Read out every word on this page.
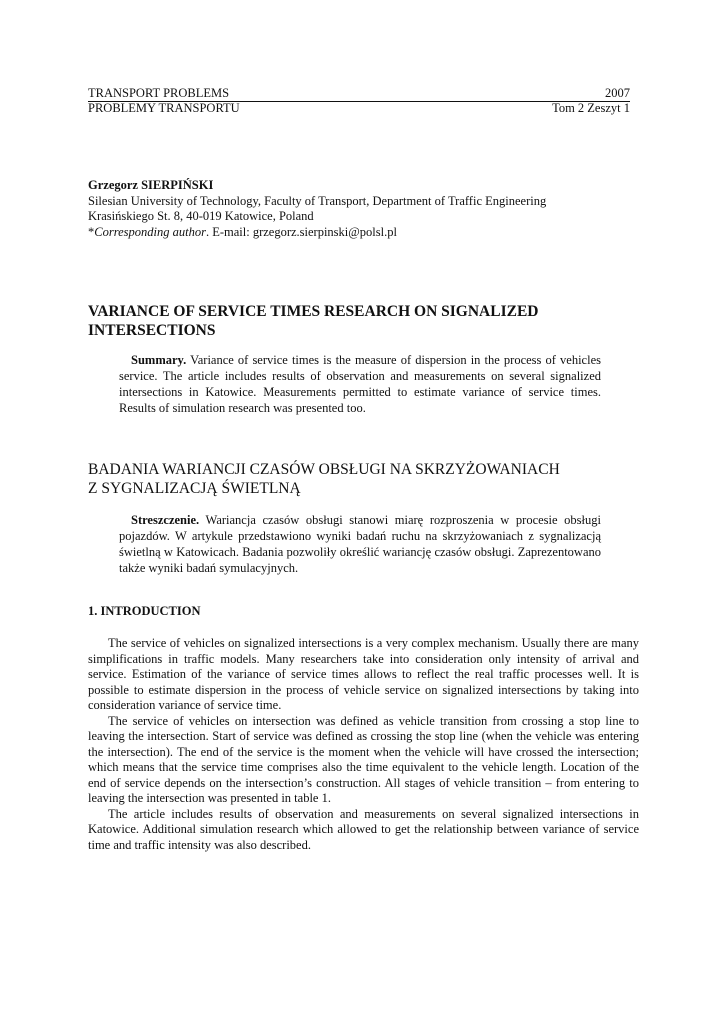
TRANSPORT PROBLEMS	2007
PROBLEMY TRANSPORTU	Tom 2 Zeszyt 1
Grzegorz SIERPIŃSKI
Silesian University of Technology, Faculty of Transport, Department of Traffic Engineering
Krasińskiego St. 8, 40-019 Katowice, Poland
*Corresponding author. E-mail: grzegorz.sierpinski@polsl.pl
VARIANCE OF SERVICE TIMES RESEARCH ON SIGNALIZED
INTERSECTIONS

Summary. Variance of service times is the measure of dispersion in the process of vehicles service. The article includes results of observation and measurements on several signalized intersections in Katowice. Measurements permitted to estimate variance of service times. Results of simulation research was presented too.

BADANIA WARIANCJI CZASÓW OBSŁUGI NA SKRZYŻOWANIACH
Z SYGNALIZACJĄ ŚWIETLNĄ

Streszczenie. Wariancja czasów obsługi stanowi miarę rozproszenia w procesie obsługi pojazdów. W artykule przedstawiono wyniki badań ruchu na skrzyżowaniach z sygnalizacją świetlną w Katowicach. Badania pozwoliły określić wariancję czasów obsługi. Zaprezentowano także wyniki badań symulacyjnych.

1. INTRODUCTION

The service of vehicles on signalized intersections is a very complex mechanism. Usually there are many simplifications in traffic models. Many researchers take into consideration only intensity of arrival and service. Estimation of the variance of service times allows to reflect the real traffic processes well. It is possible to estimate dispersion in the process of vehicle service on signalized intersections by taking into consideration variance of service time.

The service of vehicles on intersection was defined as vehicle transition from crossing a stop line to leaving the intersection. Start of service was defined as crossing the stop line (when the vehicle was entering the intersection). The end of the service is the moment when the vehicle will have crossed the intersection; which means that the service time comprises also the time equivalent to the vehicle length. Location of the end of service depends on the intersection’s construction. All stages of vehicle transition – from entering to leaving the intersection was presented in table 1.

The article includes results of observation and measurements on several signalized intersections in Katowice. Additional simulation research which allowed to get the relationship between variance of service time and traffic intensity was also described.
